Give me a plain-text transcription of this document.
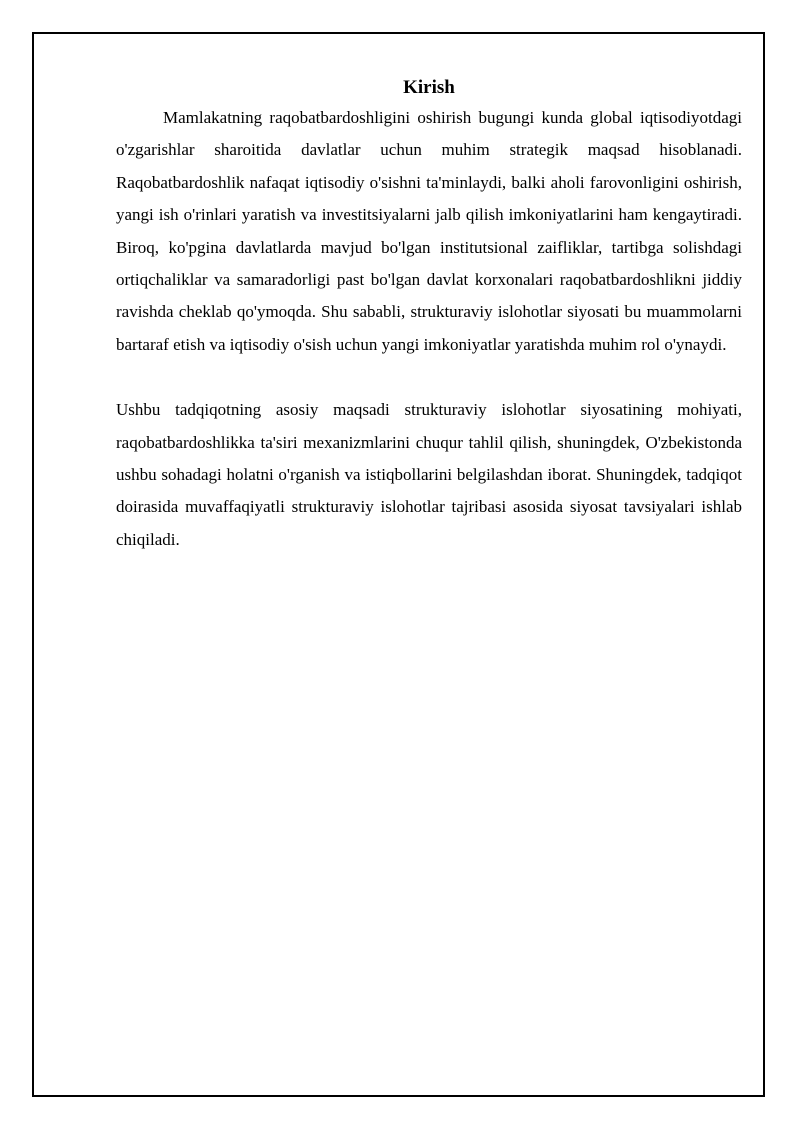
Kirish

Mamlakatning raqobatbardoshligini oshirish bugungi kunda global iqtisodiyotdagi o'zgarishlar sharoitida davlatlar uchun muhim strategik maqsad hisoblanadi. Raqobatbardoshlik nafaqat iqtisodiy o'sishni ta'minlaydi, balki aholi farovonligini oshirish, yangi ish o'rinlari yaratish va investitsiyalarni jalb qilish imkoniyatlarini ham kengaytiradi. Biroq, ko'pgina davlatlarda mavjud bo'lgan institutsional zaifliklar, tartibga solishdagi ortiqchaliklar va samaradorligi past bo'lgan davlat korxonalari raqobatbardoshlikni jiddiy ravishda cheklab qo'ymoqda. Shu sababli, strukturaviy islohotlar siyosati bu muammolarni bartaraf etish va iqtisodiy o'sish uchun yangi imkoniyatlar yaratishda muhim rol o'ynaydi.

Ushbu tadqiqotning asosiy maqsadi strukturaviy islohotlar siyosatining mohiyati, raqobatbardoshlikka ta'siri mexanizmlarini chuqur tahlil qilish, shuningdek, O'zbekistonda ushbu sohadagi holatni o'rganish va istiqbollarini belgilashdan iborat. Shuningdek, tadqiqot doirasida muvaffaqiyatli strukturaviy islohotlar tajribasi asosida siyosat tavsiyalari ishlab chiqiladi.
